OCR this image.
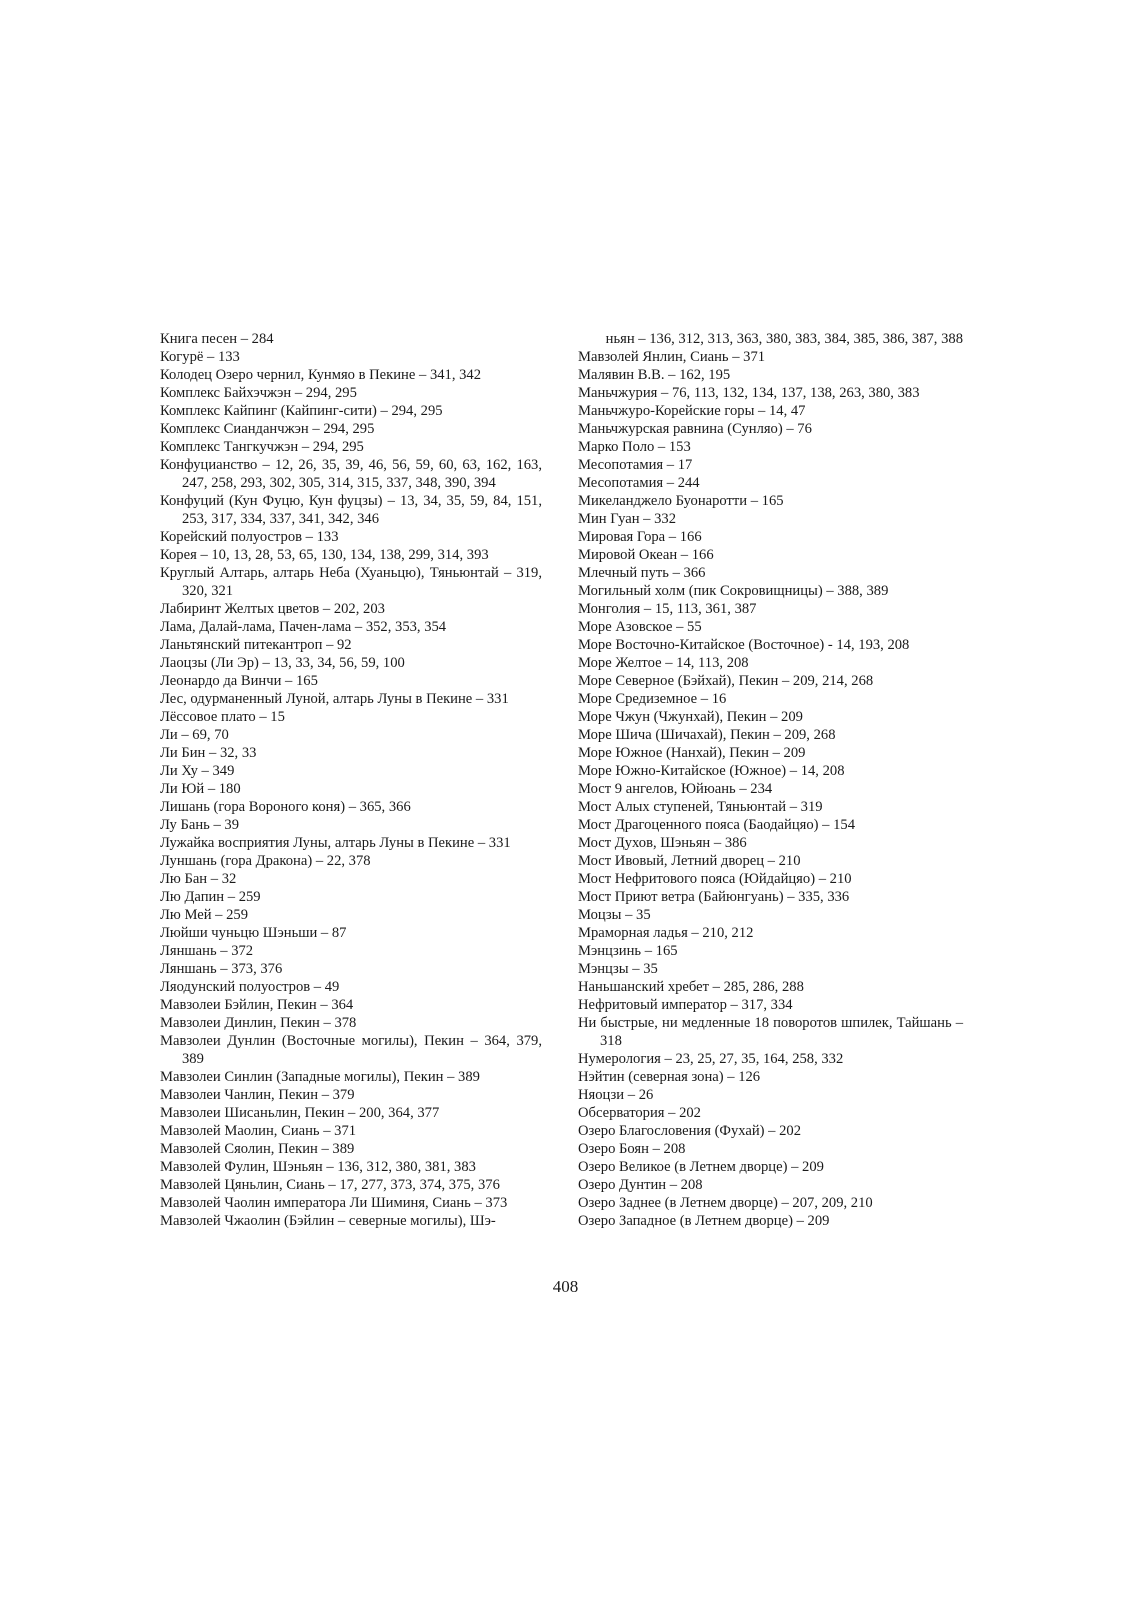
Книга песен – 284

Когурё – 133

Колодец Озеро чернил, Кунмяо в Пекине – 341, 342

Комплекс Байхэчжэн – 294, 295

Комплекс Кайпинг (Кайпинг-сити) – 294, 295

Комплекс Сианданчжэн – 294, 295

Комплекс Тангкучжэн – 294, 295

Конфуцианство – 12, 26, 35, 39, 46, 56, 59, 60, 63, 162, 163, 247, 258, 293, 302, 305, 314, 315, 337, 348, 390, 394

Конфуций (Кун Фуцю, Кун фуцзы) – 13, 34, 35, 59, 84, 151, 253, 317, 334, 337, 341, 342, 346

Корейский полуостров – 133

Корея – 10, 13, 28, 53, 65, 130, 134, 138, 299, 314, 393

Круглый Алтарь, алтарь Неба (Хуаньцю), Тяньюнтай – 319, 320, 321

Лабиринт Желтых цветов – 202, 203

Лама, Далай-лама, Пачен-лама – 352, 353, 354

Ланьтянский питекантроп – 92

Лаоцзы (Ли Эр) – 13, 33, 34, 56, 59, 100

Леонардо да Винчи – 165

Лес, одурманенный Луной, алтарь Луны в Пекине – 331

Лёссовое плато – 15

Ли – 69, 70

Ли Бин – 32, 33

Ли Ху – 349

Ли Юй – 180

Лишань (гора Вороного коня) – 365, 366

Лу Бань – 39

Лужайка восприятия Луны, алтарь Луны в Пекине – 331

Луншань (гора Дракона) – 22, 378

Лю Бан – 32

Лю Дапин – 259

Лю Мей – 259

Люйши чуньцю Шэньши – 87

Ляншань – 372

Ляншань – 373, 376

Ляодунский полуостров – 49

Мавзолеи Бэйлин, Пекин – 364

Мавзолеи Динлин, Пекин – 378

Мавзолеи Дунлин (Восточные могилы), Пекин – 364, 379, 389

Мавзолеи Синлин (Западные могилы), Пекин – 389

Мавзолеи Чанлин, Пекин – 379

Мавзолеи Шисаньлин, Пекин – 200, 364, 377

Мавзолей Маолин, Сиань – 371

Мавзолей Сяолин, Пекин – 389

Мавзолей Фулин, Шэньян – 136, 312, 380, 381, 383

Мавзолей Цяньлин, Сиань – 17, 277, 373, 374, 375, 376

Мавзолей Чаолин императора Ли Шиминя, Сиань – 373

Мавзолей Чжаолин (Бэйлин – северные могилы), Шэ-

ньян – 136, 312, 313, 363, 380, 383, 384, 385, 386, 387, 388

Мавзолей Янлин, Сиань – 371

Малявин В.В. – 162, 195

Маньчжурия – 76, 113, 132, 134, 137, 138, 263, 380, 383

Маньчжуро-Корейские горы – 14, 47

Маньчжурская равнина (Сунляо) – 76

Марко Поло – 153

Месопотамия – 17

Месопотамия – 244

Микеланджело Буонаротти – 165

Мин Гуан – 332

Мировая Гора – 166

Мировой Океан – 166

Млечный путь – 366

Могильный холм (пик Сокровищницы) – 388, 389

Монголия – 15, 113, 361, 387

Море Азовское – 55

Море Восточно-Китайское (Восточное) - 14, 193, 208

Море Желтое – 14, 113, 208

Море Северное (Бэйхай), Пекин – 209, 214, 268

Море Средиземное – 16

Море Чжун (Чжунхай), Пекин – 209

Море Шича (Шичахай), Пекин – 209, 268

Море Южное (Нанхай), Пекин – 209

Море Южно-Китайское (Южное) – 14, 208

Мост 9 ангелов, Юйюань – 234

Мост Алых ступеней, Тяньюнтай – 319

Мост Драгоценного пояса (Баодайцяо) – 154

Мост Духов, Шэньян – 386

Мост Ивовый, Летний дворец – 210

Мост Нефритового пояса (Юйдайцяо) – 210

Мост Приют ветра (Байюнгуань) – 335, 336

Моцзы – 35

Мраморная ладья – 210, 212

Мэнцзинь – 165

Мэнцзы – 35

Наньшанский хребет – 285, 286, 288

Нефритовый император – 317, 334

Ни быстрые, ни медленные 18 поворотов шпилек, Тайшань – 318

Нумерология – 23, 25, 27, 35, 164, 258, 332

Нэйтин (северная зона) – 126

Няоцзи – 26

Обсерватория – 202

Озеро Благословения (Фухай) – 202

Озеро Боян – 208

Озеро Великое (в Летнем дворце) – 209

Озеро Дунтин – 208

Озеро Заднее (в Летнем дворце) – 207, 209, 210

Озеро Западное (в Летнем дворце) – 209

408
